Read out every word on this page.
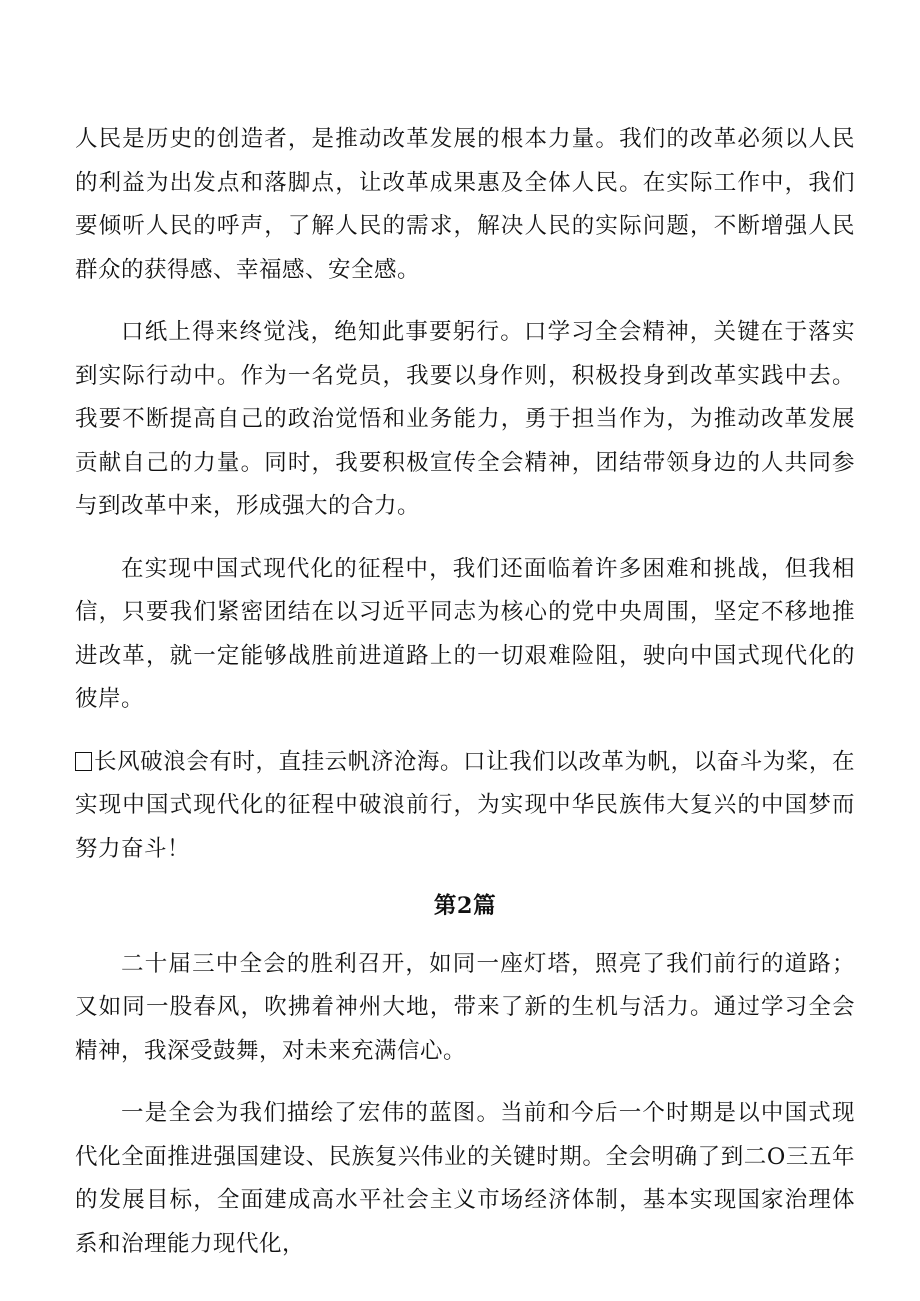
人民是历史的创造者，是推动改革发展的根本力量。我们的改革必须以人民的利益为出发点和落脚点，让改革成果惠及全体人民。在实际工作中，我们要倾听人民的呼声，了解人民的需求，解决人民的实际问题，不断增强人民群众的获得感、幸福感、安全感。

口纸上得来终觉浅，绝知此事要躬行。口学习全会精神，关键在于落实到实际行动中。作为一名党员，我要以身作则，积极投身到改革实践中去。我要不断提高自己的政治觉悟和业务能力，勇于担当作为，为推动改革发展贡献自己的力量。同时，我要积极宣传全会精神，团结带领身边的人共同参与到改革中来，形成强大的合力。

在实现中国式现代化的征程中，我们还面临着许多困难和挑战，但我相信，只要我们紧密团结在以习近平同志为核心的党中央周围，坚定不移地推进改革，就一定能够战胜前进道路上的一切艰难险阻，驶向中国式现代化的彼岸。

长风破浪会有时，直挂云帆济沧海。口让我们以改革为帆，以奋斗为桨，在实现中国式现代化的征程中破浪前行，为实现中华民族伟大复兴的中国梦而努力奋斗！

第2篇

二十届三中全会的胜利召开，如同一座灯塔，照亮了我们前行的道路；又如同一股春风，吹拂着神州大地，带来了新的生机与活力。通过学习全会精神，我深受鼓舞，对未来充满信心。

一是全会为我们描绘了宏伟的蓝图。当前和今后一个时期是以中国式现代化全面推进强国建设、民族复兴伟业的关键时期。全会明确了到二O三五年的发展目标，全面建成高水平社会主义市场经济体制，基本实现国家治理体系和治理能力现代化，
